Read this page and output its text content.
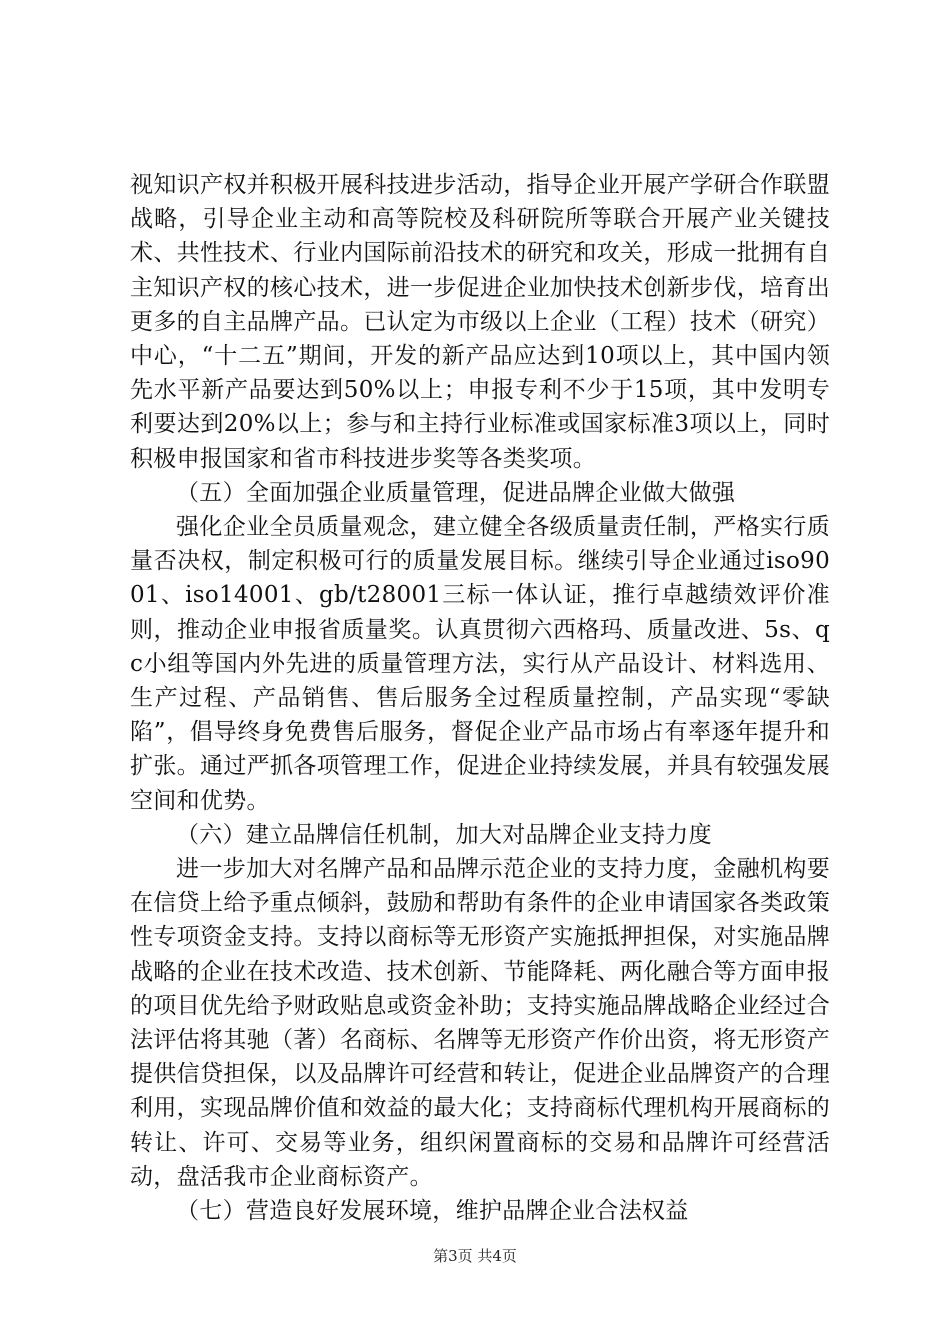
视知识产权并积极开展科技进步活动，指导企业开展产学研合作联盟战略，引导企业主动和高等院校及科研院所等联合开展产业关键技术、共性技术、行业内国际前沿技术的研究和攻关，形成一批拥有自主知识产权的核心技术，进一步促进企业加快技术创新步伐，培育出更多的自主品牌产品。已认定为市级以上企业（工程）技术（研究）中心，“十二五”期间，开发的新产品应达到10项以上，其中国内领先水平新产品要达到50%以上；申报专利不少于15项，其中发明专利要达到20%以上；参与和主持行业标准或国家标准3项以上，同时积极申报国家和省市科技进步奖等各类奖项。

（五）全面加强企业质量管理，促进品牌企业做大做强

强化企业全员质量观念，建立健全各级质量责任制，严格实行质量否决权，制定积极可行的质量发展目标。继续引导企业通过iso9001、iso14001、gb/t28001三标一体认证，推行卓越绩效评价准则，推动企业申报省质量奖。认真贯彻六西格玛、质量改进、5s、qc小组等国内外先进的质量管理方法，实行从产品设计、材料选用、生产过程、产品销售、售后服务全过程质量控制，产品实现“零缺陷”，倡导终身免费售后服务，督促企业产品市场占有率逐年提升和扩张。通过严抓各项管理工作，促进企业持续发展，并具有较强发展空间和优势。

（六）建立品牌信任机制，加大对品牌企业支持力度

进一步加大对名牌产品和品牌示范企业的支持力度，金融机构要在信贷上给予重点倾斜，鼓励和帮助有条件的企业申请国家各类政策性专项资金支持。支持以商标等无形资产实施抵押担保，对实施品牌战略的企业在技术改造、技术创新、节能降耗、两化融合等方面申报的项目优先给予财政贴息或资金补助；支持实施品牌战略企业经过合法评估将其驰（著）名商标、名牌等无形资产作价出资，将无形资产提供信贷担保，以及品牌许可经营和转让，促进企业品牌资产的合理利用，实现品牌价值和效益的最大化；支持商标代理机构开展商标的转让、许可、交易等业务，组织闲置商标的交易和品牌许可经营活动，盘活我市企业商标资产。

（七）营造良好发展环境，维护品牌企业合法权益

第3页 共4页
